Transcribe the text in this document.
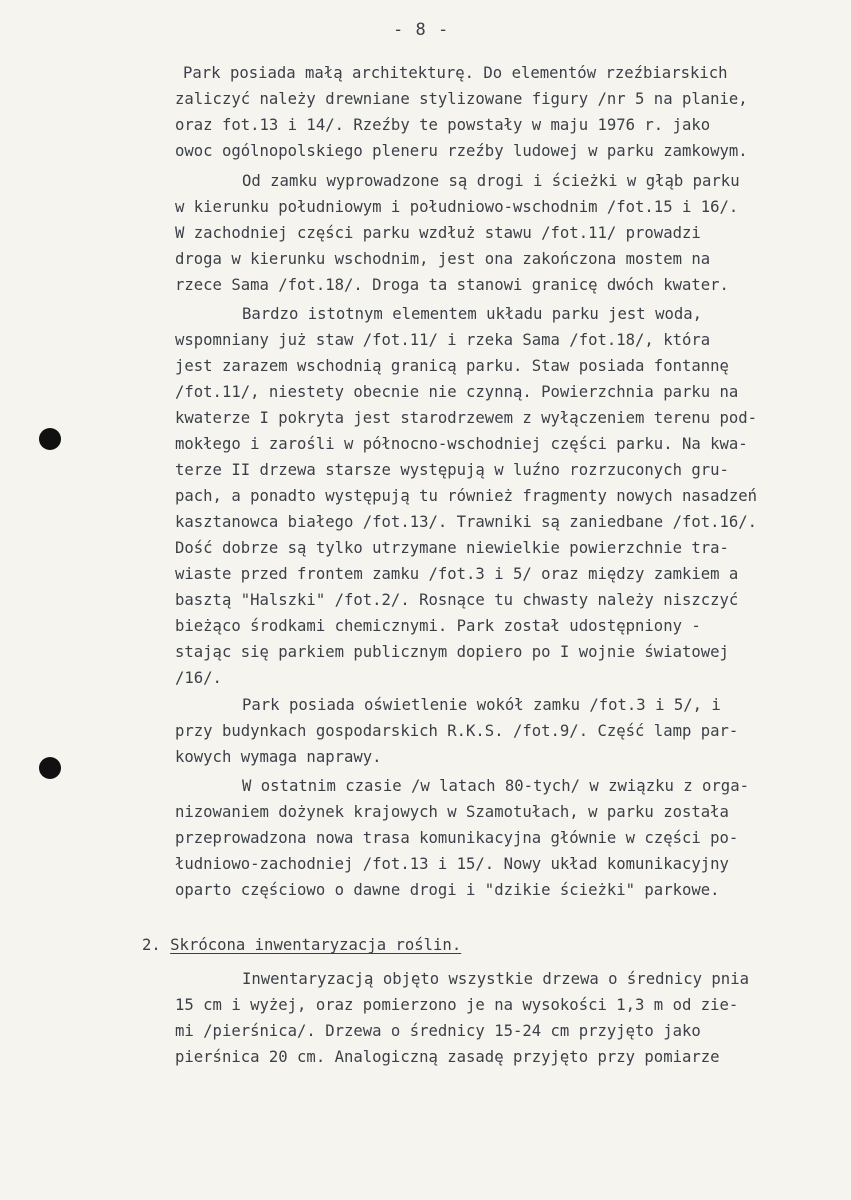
- 8 -
Park posiada małą architekturę. Do elementów rzeźbiarskich
zaliczyć należy drewniane stylizowane figury /nr 5 na planie,
oraz fot.13 i 14/. Rzeźby te powstały w maju 1976 r. jako
owoc ogólnopolskiego pleneru rzeźby ludowej w parku zamkowym.
Od zamku wyprowadzone są drogi i ścieżki w głąb parku
w kierunku południowym i południowo-wschodnim /fot.15 i 16/.
W zachodniej części parku wzdłuż stawu /fot.11/ prowadzi
droga w kierunku wschodnim, jest ona zakończona mostem na
rzece Sama /fot.18/. Droga ta stanowi granicę dwóch kwater.
Bardzo istotnym elementem układu parku jest woda,
wspomniany już staw /fot.11/ i rzeka Sama /fot.18/, która
jest zarazem wschodnią granicą parku. Staw posiada fontannę
/fot.11/, niestety obecnie nie czynną. Powierzchnia parku na
kwaterze I pokryta jest starodrzewem z wyłączeniem terenu pod-
mokłego i zarośli w północno-wschodniej części parku. Na kwa-
terze II drzewa starsze występują w luźno rozrzuconych gru-
pach, a ponadto występują tu również fragmenty nowych nasadzeń
kasztanowca białego /fot.13/. Trawniki są zaniedbane /fot.16/.
Dość dobrze są tylko utrzymane niewielkie powierzchnie tra-
wiaste przed frontem zamku /fot.3 i 5/ oraz między zamkiem a
basztą "Halszki" /fot.2/. Rosnące tu chwasty należy niszczyć
bieżąco środkami chemicznymi. Park został udostępniony -
stając się parkiem publicznym dopiero po I wojnie światowej
/16/.
Park posiada oświetlenie wokół zamku /fot.3 i 5/, i
przy budynkach gospodarskich R.K.S. /fot.9/. Część lamp par-
kowych wymaga naprawy.
W ostatnim czasie /w latach 80-tych/ w związku z orga-
nizowaniem dożynek krajowych w Szamotułach, w parku została
przeprowadzona nowa trasa komunikacyjna głównie w części po-
łudniowo-zachodniej /fot.13 i 15/. Nowy układ komunikacyjny
oparto częściowo o dawne drogi i "dzikie ścieżki" parkowe.
2. Skrócona inwentaryzacja roślin.
Inwentaryzacją objęto wszystkie drzewa o średnicy pnia
15 cm i wyżej, oraz pomierzono je na wysokości 1,3 m od zie-
mi /pierśnica/. Drzewa o średnicy 15-24 cm przyjęto jako
pierśnica 20 cm. Analogiczną zasadę przyjęto przy pomiarze
